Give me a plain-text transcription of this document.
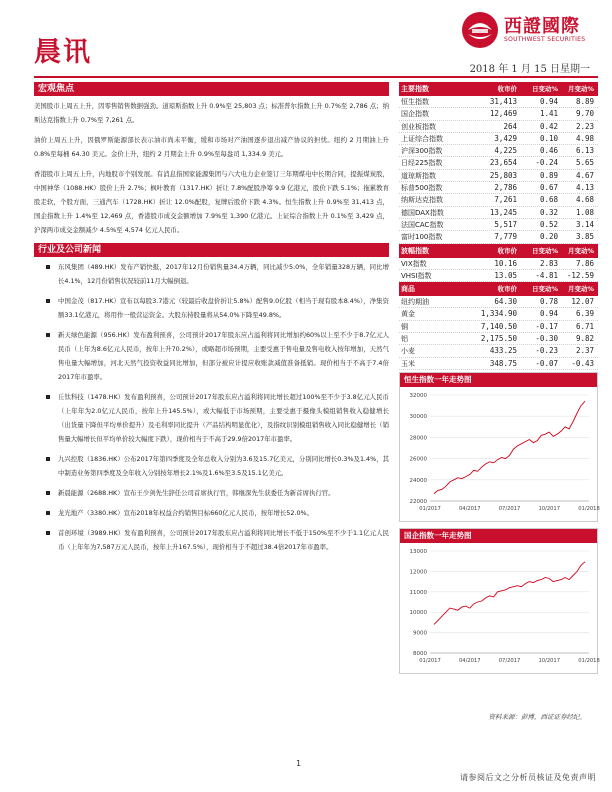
晨讯
西證國際
SOUTHWEST SECURITIES
2018 年 1 月 15 日星期一
宏观焦点

美国股市上周五上升，因零售销售数据强劲。道琼斯指数上升 0.9%至 25,803 点；标准普尔指数上升 0.7%至 2,786 点；纳斯达克指数上升 0.7%至 7,261 点。

油价上周五上升，因俄罗斯能源部长表示油市尚未平衡，缓和市场对产油国逐步退出减产协议的担忧。纽约 2 月期油上升 0.8%至每桶 64.30 美元。金价上升，纽约 2 月期金上升 0.9%至每盎司 1,334.9 美元。

香港股市上周五上升，内地股市个别发展。有消息指国家能源集团与六大电力企业签订三年期煤电中长期合同，提振煤炭股，中国神华（1088.HK）股价上升 2.7%；枫叶教育（1317.HK）折让 7.8%配股净筹 9.9 亿港元，股价下跌 5.1%；拖累教育股走软，个股方面，三通汽车（1728.HK）折让 12.0%配股，复牌后股价下跌 4.3%。恒生指数上升 0.9%至 31,413 点，国企指数上升 1.4%至 12,469 点，香港股市成交金额增加 7.9%至 1,390 亿港元。上证综合指数上升 0.1%至 3,429 点，沪深两市成交金额减少 4.5%至 4,574 亿元人民币。

行业及公司新闻
东风集团（489.HK）发布产销快报，2017年12月份销售量34.4万辆，同比减少5.0%，全年销量328万辆，同比增长4.1%，12月份销售状况较前11月大幅倒退。
中国金茂（817.HK）宣布以每股3.7港元（较最后收盘价折让5.8%）配售9.0亿股（相当于现有股本8.4%），净集资额33.1亿港元，将用作一般营运资金。大股东持股量将从54.0%下降至49.8%。
新天绿色能源（956.HK）发布盈利预喜，公司预计2017年股东应占溢利将同比增加约60%以上至不少于8.7亿元人民币（上年为8.6亿元人民币，按年上升70.2%），或略超市场预期，主要受惠于售电量及售电收入按年增加，天然气售电量大幅增加，河北天然气投资收益同比增加，但部分被应计提应收账款减值准备抵销。现价相当于不高于7.4倍2017年市盈率。
丘钛科技（1478.HK）发布盈利预喜，公司预计2017年股东应占溢利将同比增长超过100%至不少于3.8亿元人民币（上年年为2.0亿元人民币，按年上升145.5%），或大幅低于市场预期，主要受惠于摄像头模组销售收入稳健增长（出货量下降但平均单价提升）及毛利率同比提升（产品结构明显优化），及指纹识别模组销售收入同比稳健增长（销售量大幅增长但平均单价较大幅度下跌），现价相当于不高于29.9倍2017年市盈率。
九兴控股（1836.HK）公布2017年第四季度及全年总收入分别为3.6及15.7亿美元，分别同比增长0.3%及1.4%，其中制造业务第四季度及全年收入分别按年增长2.1%及1.6%至3.5及15.1亿美元。
新晨能源（2688.HK）宣布王少剑先生辞任公司首席执行官，韩继深先生获委任为新首席执行官。
龙光地产（3380.HK）宣布2018年权益合约销售目标660亿元人民币，按年增长52.0%。
首创环境（3989.HK）发布盈利预喜，公司预计2017年股东应占溢利将同比增长不低于150%至不少于1.1亿元人民币（上年年为7,587万元人民币，按年上升167.5%），现价相当于不超过38.4倍2017年市盈率。
主要指数	收市价	日变动%	月变动%
恒生指数	31,413	0.94	8.89
国企指数	12,469	1.41	9.70
创业板指数	264	0.42	2.23
上证综合指数	3,429	0.10	4.98
沪深300指数	4,225	0.46	6.13
日经225指数	23,654	-0.24	5.65
道琼斯指数	25,803	0.89	4.67
标普500指数	2,786	0.67	4.13
纳斯达克指数	7,261	0.68	4.68
德国DAX指数	13,245	0.32	1.08
法国CAC指数	5,517	0.52	3.14
富时100指数	7,779	0.20	3.85
波幅指数	收市价	日变动%	月变动%
VIX指数	10.16	2.83	7.86
VHSI指数	13.05	-4.81	-12.59
商品	收市价	日变动%	月变动%
纽约期油	64.30	0.78	12.07
黄金	1,334.90	0.94	6.39
铜	7,140.50	-0.17	6.71
铝	2,175.50	-0.30	9.82
小麦	433.25	-0.23	2.37
玉米	348.75	-0.07	-0.43
恒生指数一年走势图
22000
24000
26000
28000
30000
32000
01/2017	04/2017	07/2017	10/2017	01/2018
国企指数一年走势图
8000
9000
10000
11000
12000
13000
01/2017	04/2017	07/2017	10/2017	01/2018
资料来源：彭博，西证证券经纪。
1
请参阅后文之分析员核证及免责声明
